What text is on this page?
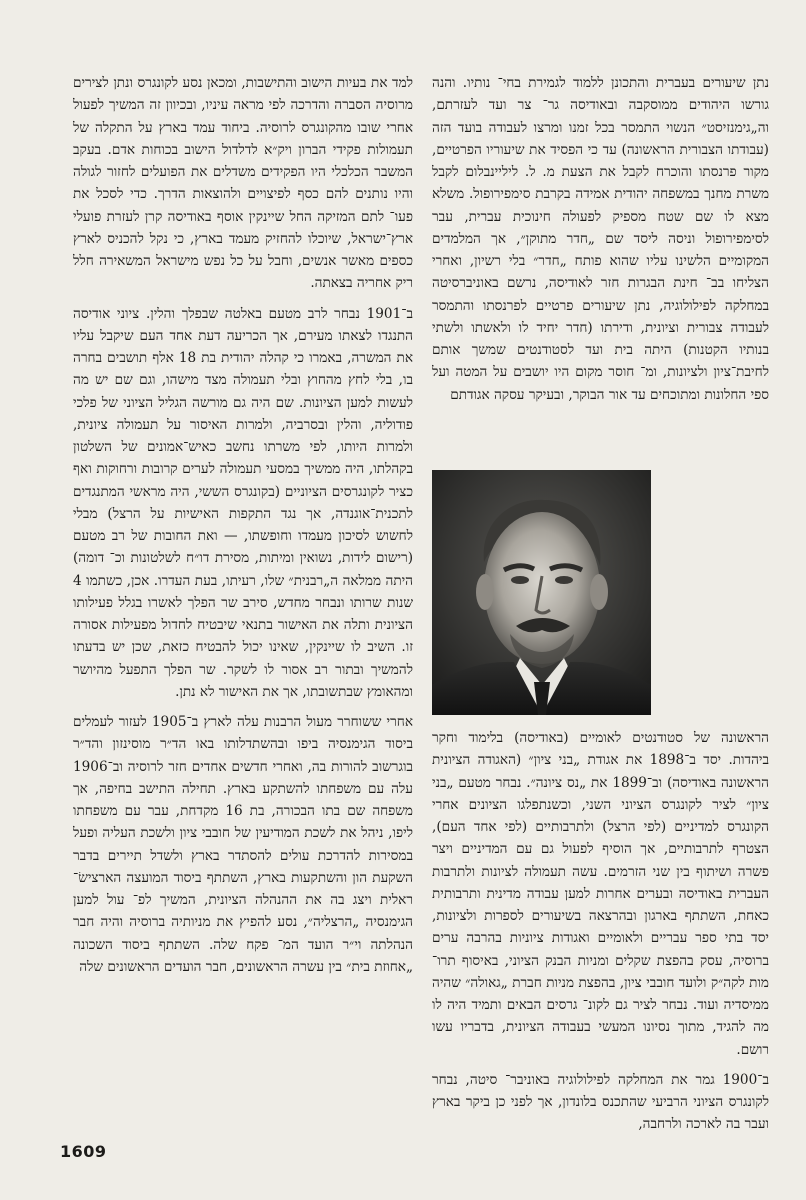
נתן שיעורים בעברית והתכונן ללמוד לגמירת בחי־ נותיו. והנה גורשו היהודים ממוסקבה ובאודיסה גר־ צר ועד לעזרתם, וה„גימנזיסט״ הנשוי התמסר בכל זמנו ומרצו לעבודה בועד הזה (עבודתו הצבורית הראשונה) עד כי הפסיד את שיעוריו הפרטיים, מקור פרנסתו והוכרח לקבל את הצעת מ. ל. ליליינבלום לקבל משרת מחנך במשפחה יהודית אמידה בקרבת סימפירופול. משלא מצא לו שם שטח מספיק לפעולה חינוכית עברית, עבר לסימפירופול וניסה ליסד שם „חדר מתוקן״, אך המלמדים המקומיים הלשינו עליו שהוא פותח „חדר״ בלי רשיון, ואחרי הצליחו בב־ חינת הבגרות חזר לאודיסה, נרשם באוניברסיטה במחלקה לפילולוגיה, נתן שיעורים פרטיים לפרנסתו והתמסר לעבודה צבורית וציונית, ודירתו (חדר יחיד לו ולאשתו ולשתי בנותיו הקטנות) היתה בית ועד לסטודנטים שמשך אותם לחיבת־ציון ולציונות, ומ־ חוסר מקום היו יושבים על המטה ועל ספי החלונות ומתוכחים עד אור הבוקר, ובעיקר עסקה אגודתם

הראשונה של סטודנטים לאומיים (באודיסה) בלימוד וחקר ביהדות. יסד ב־1898 את אגודת „בני ציון״ (האגודה הציונית הראשונה באודיסה) וב־1899 את „נס ציונה״. נבחר מטעם „בני ציון״ לציר לקונגרס הציוני השני, וכשנתפלגו הציונים אחרי הקונגרס למדיניים (לפי הרצל) ולתרבותיים (לפי אחד העם), הצטרף לתרבותיים, אך הוסיף לפעול גם עם המדיניים ויצר פשרה ושיתוף בין שני הזרמים. עשה תעמולה לציונות ולתרבות העברית באודיסה ובערים אחרות למען עבודה מדינית ותרבותית כאחת, השתתף בארגון ובהרצאה בשיעורים לספרות ולציונות, יסד בתי ספר עבריים ולאומיים ואגודות ציוניות בהרבה ערים ברוסיה, עסק בהפצת שקלים ומניות הבנק הציוני, באיסוף תרו־ מות לקה״ק ולועד חובבי ציון, בהפצת מניות חברת „גאולה״ שהיה ממיסדיה ועוד. נבחר לציר גם לקונ־ גרסים הבאים ותמיד היה לו מה להגיד, מתוך נסיונו המעשי בעבודה הציונית, בדבריו עשו רושם.

ב־1900 גמר את המחלקה לפילולוגיה באוניבר־ סיטה, נבחר לקונגרס הציוני הרביעי שהתכנס בלונדון, אך לפני כן ביקר בארץ ועבר בה לארכה ולרחבה,

למד את בעיות הישוב והתישבות, ומכאן נסע לקונגרס ונתן לצירים מרוסיה הסברה והדרכה לפי מראה עיניו, ובכיוון זה המשיך לפעול אחרי שובו מהקונגרס לרוסיה. ביחוד עמד בארץ על התקלה של תעמולות פקידי הברון ויק״א לדלדול הישוב בכוחות אדם. בעקב המשבר הכלכלי היו הפקידים משדלים את הפועלים לחזור לגולה והיו נותנים להם כסף לפיצויים ולהוצאות הדרך. כדי לסכל את פעו־ לתם המזיקה החל שיינקין אוסף באודיסה קרן לעזרת פועלי ארץ־ישראל, שיוכלו להחזיק מעמד בארץ, כי נקל להכניס לארץ כספים מאשר אנשים, וחבל על כל נפש מישראל המשאירה חלל ריק אחריה בצאתה.

ב־1901 נבחר לרב מטעם באלטה שבפלך והלין. ציוני אודיסה התנגדו לצאתו מעירם, אך הכריעה דעת אחד העם שיקבל עליו את המשרה, באמרו כי קהלה יהודית בת 18 אלף תושבים בחרה בו, בלי לחץ מהחוץ ובלי תעמולה מצד מישהו, וגם שם יש מה לעשות למען הציונות. שם היה גם מורשה הגליל הציוני של פלכי פודוליה, והלין ובסרביה, ולמרות האיסור על תעמולה ציונית, ולמרות היותו, לפי משרתו נחשב כאיש־אמונים של השלטון בקהלתו, היה ממשיך במסעי תעמולה לערים קרובות ורחוקות ואף כציר לקונגרסים הציוניים (בקונגרס הששי, היה מראשי המתנגדים לתכנית־אוגנדה, אך נגד התקפות האישיות על הרצל) מבלי לחשוש לסיכון מעמדו וחופשתו, — ואת החובות של רב מטעם (רישום לידות, נשואין ומיתות, מסירת דו״ח לשלטונות וכ־ דומה) היתה ממלאה ה„רבנית״ שלו, רעיתו, בעת העדרו. אכן, כשתמו 4 שנות שרותו ונבחר מחדש, סירב שר הפלך לאשרו בגלל פעילותו הציונית ותלה את האישור בתנאי שיבטיח לחדול מפעילות אסורה זו. השיב לו שיינקין, שאינו יכול להבטיח כזאת, שכן יש בדעתו להמשיך ובתור רב אסור לו לשקר. שר הפלך התפעל מהיושר ומהאומץ שבתשובתו, אך את האישור לא נתן.

אחרי ששוחרר מעול הרבנות עלה לארץ ב־1905 לעזור לעמלים ביסוד הגימנסיה ביפו ובהשתדלותו באו הד״ר מוסינזון והד״ר בוגרשוב להורות בה, ואחרי חדשים אחדים חזר לרוסיה וב־1906 עלה עם משפחתו להשתקע בארץ. תחילה התישב בחיפה, אך משפחה שם בתו הבכורה, בת 16 מקדחת, עבר עם משפחתו ליפו, ניהל את לשכת המודיעין של חובבי ציון ולשכת העליה ופעל במסירות להדרכת עולים להסתדר בארץ ולשדל תיירים בדבר השקעת הון והשתקעות בארץ, השתתף ביסוד המועצה הארצישׂ־ ראלית ויצג בה את ההנהלה הציונית, המשיך לפ־ עול למען הגימנסיה „הרצליה״, נסע להפיץ את מניותיה ברוסיה והיה חבר הנהלתה וי״ר הועד המ־ פקח שלה. השתתף ביסוד השכונה „אחוזת בית״ בין עשרה הראשונים, חבר הועדים הראשונים שלה

1609
